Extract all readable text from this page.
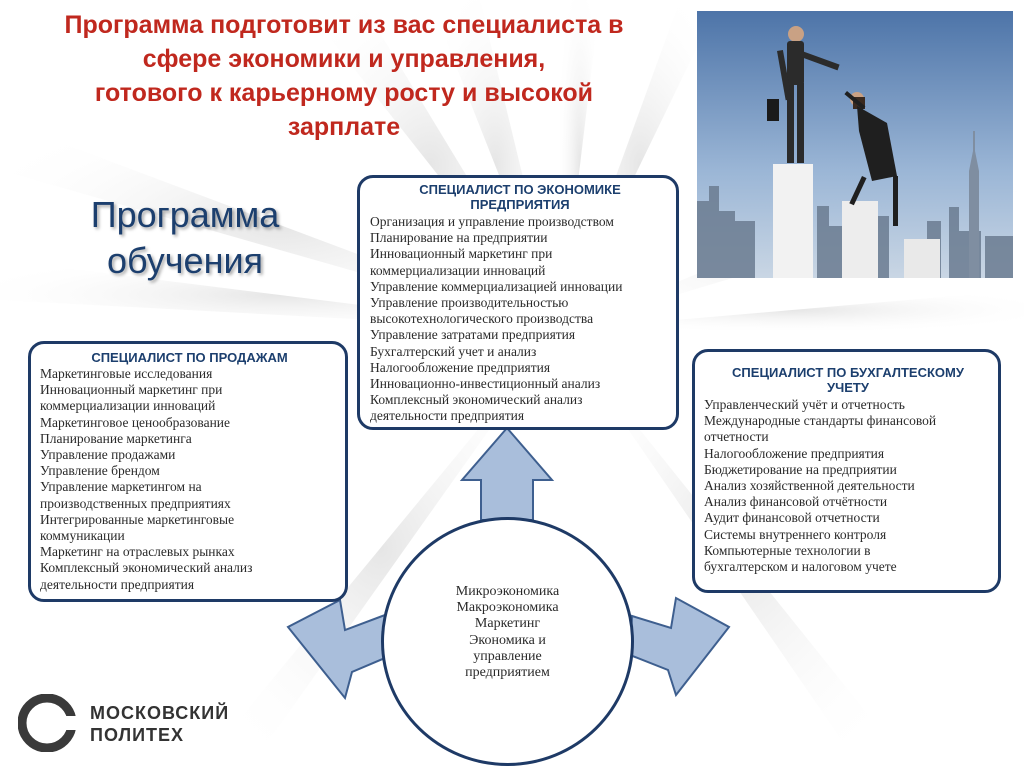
Программа подготовит из вас специалиста в
сфере экономики и управления,
готового к карьерному росту и высокой
зарплате
Программа
обучения
СПЕЦИАЛИСТ ПО ЭКОНОМИКЕ
ПРЕДПРИЯТИЯ
Организация и управление производством
Планирование на предприятии
Инновационный маркетинг при
коммерциализации инноваций
Управление коммерциализацией инновации
Управление производительностью
высокотехнологического производства
Управление затратами предприятия
Бухгалтерский учет и анализ
Налогообложение предприятия
Инновационно-инвестиционный анализ
Комплексный экономический анализ
деятельности предприятия
СПЕЦИАЛИСТ ПО ПРОДАЖАМ
Маркетинговые исследования
Инновационный маркетинг при
коммерциализации инноваций
Маркетинговое ценообразование
Планирование маркетинга
Управление продажами
Управление брендом
Управление маркетингом на
производственных предприятиях
Интегрированные маркетинговые
коммуникации
Маркетинг на отраслевых рынках
Комплексный экономический анализ
деятельности предприятия
СПЕЦИАЛИСТ ПО БУХГАЛТЕСКОМУ
УЧЕТУ
Управленческий учёт и отчетность
Международные стандарты финансовой
отчетности
Налогообложение предприятия
Бюджетирование на предприятии
Анализ хозяйственной деятельности
Анализ финансовой отчётности
Аудит финансовой отчетности
Системы внутреннего контроля
Компьютерные технологии в
бухгалтерском и налоговом учете
Микроэкономика
Макроэкономика
Маркетинг
Экономика и
управление
предприятием
МОСКОВСКИЙ
ПОЛИТЕХ
